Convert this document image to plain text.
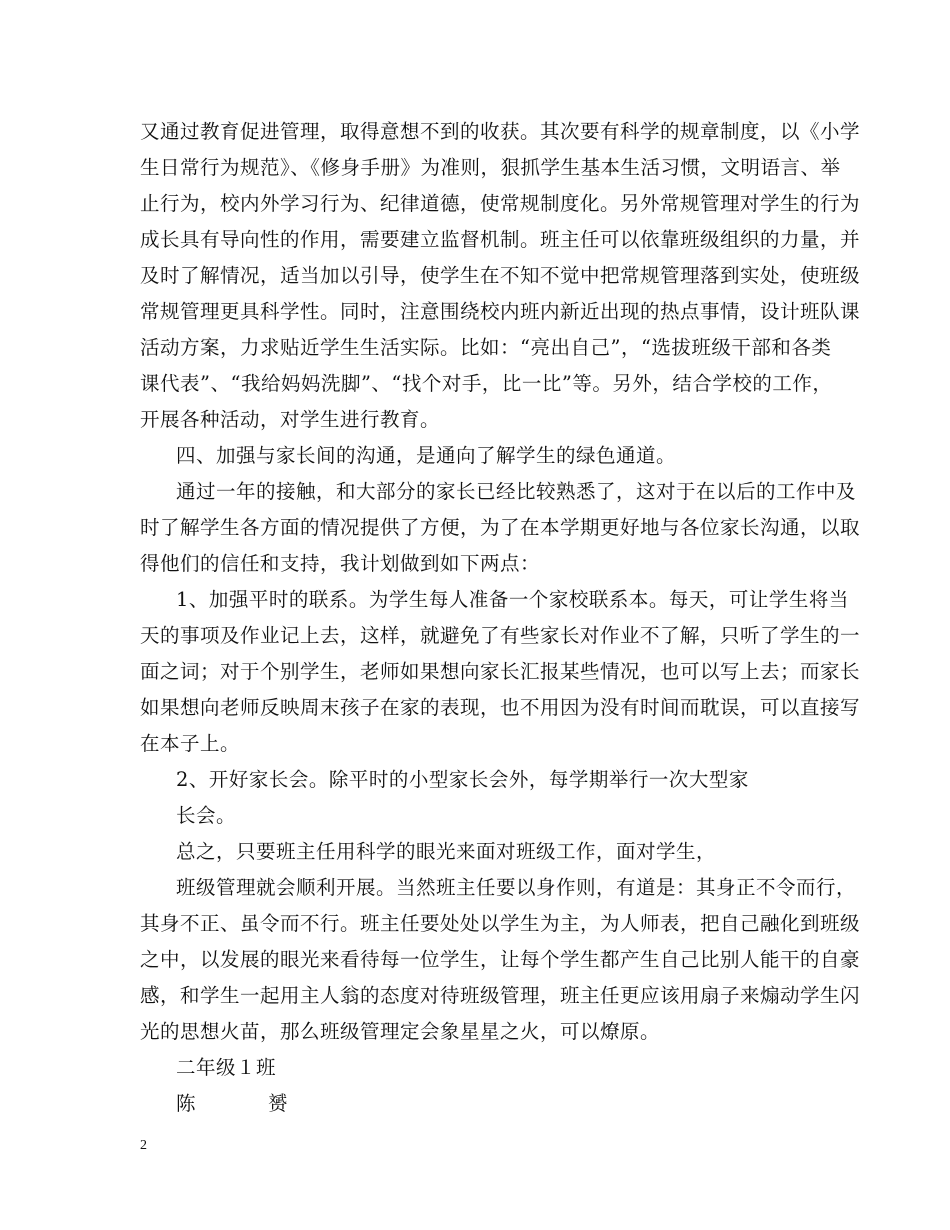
又通过教育促进管理，取得意想不到的收获。其次要有科学的规章制度，以《小学
生日常行为规范》、《修身手册》为准则，狠抓学生基本生活习惯，文明语言、举
止行为，校内外学习行为、纪律道德，使常规制度化。另外常规管理对学生的行为
成长具有导向性的作用，需要建立监督机制。班主任可以依靠班级组织的力量，并
及时了解情况，适当加以引导，使学生在不知不觉中把常规管理落到实处，使班级
常规管理更具科学性。同时，注意围绕校内班内新近出现的热点事情，设计班队课
活动方案，力求贴近学生生活实际。比如：“亮出自己”，“选拔班级干部和各类
课代表”、“我给妈妈洗脚”、“找个对手，比一比”等。另外，结合学校的工作，
开展各种活动，对学生进行教育。
四、加强与家长间的沟通，是通向了解学生的绿色通道。
通过一年的接触，和大部分的家长已经比较熟悉了，这对于在以后的工作中及
时了解学生各方面的情况提供了方便，为了在本学期更好地与各位家长沟通，以取
得他们的信任和支持，我计划做到如下两点：
1、加强平时的联系。为学生每人准备一个家校联系本。每天，可让学生将当
天的事项及作业记上去，这样，就避免了有些家长对作业不了解，只听了学生的一
面之词；对于个别学生，老师如果想向家长汇报某些情况，也可以写上去；而家长
如果想向老师反映周末孩子在家的表现，也不用因为没有时间而耽误，可以直接写
在本子上。
2、开好家长会。除平时的小型家长会外，每学期举行一次大型家
长会。
总之，只要班主任用科学的眼光来面对班级工作，面对学生，
班级管理就会顺利开展。当然班主任要以身作则，有道是：其身正不令而行，
其身不正、虽令而不行。班主任要处处以学生为主，为人师表，把自己融化到班级
之中，以发展的眼光来看待每一位学生，让每个学生都产生自己比别人能干的自豪
感，和学生一起用主人翁的态度对待班级管理，班主任更应该用扇子来煽动学生闪
光的思想火苗，那么班级管理定会象星星之火，可以燎原。
二年级１班
陈	赟
2
